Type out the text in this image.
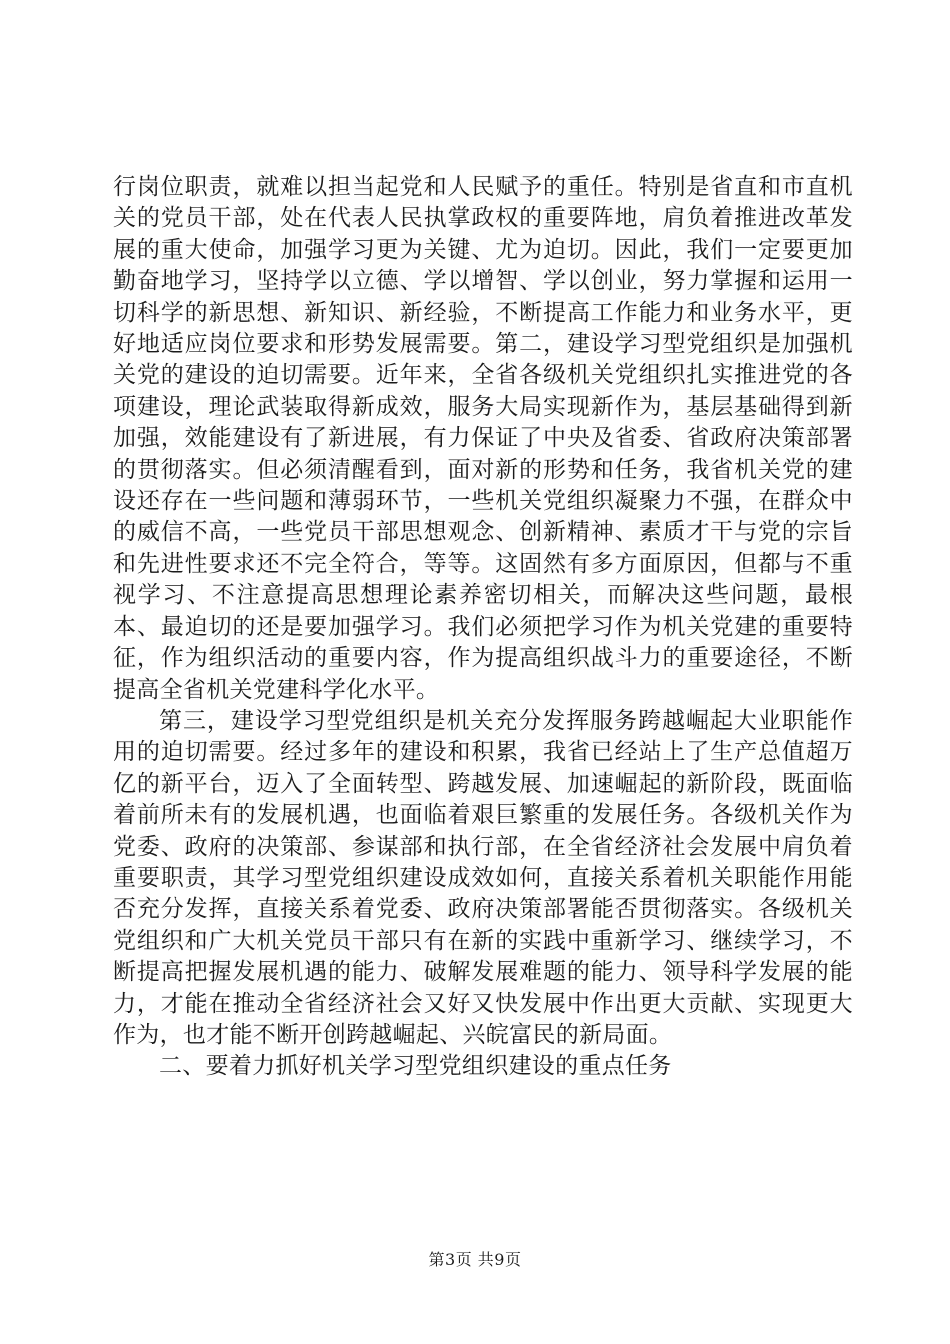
行岗位职责，就难以担当起党和人民赋予的重任。特别是省直和市直机关的党员干部，处在代表人民执掌政权的重要阵地，肩负着推进改革发展的重大使命，加强学习更为关键、尤为迫切。因此，我们一定要更加勤奋地学习，坚持学以立德、学以增智、学以创业，努力掌握和运用一切科学的新思想、新知识、新经验，不断提高工作能力和业务水平，更好地适应岗位要求和形势发展需要。第二，建设学习型党组织是加强机关党的建设的迫切需要。近年来，全省各级机关党组织扎实推进党的各项建设，理论武装取得新成效，服务大局实现新作为，基层基础得到新加强，效能建设有了新进展，有力保证了中央及省委、省政府决策部署的贯彻落实。但必须清醒看到，面对新的形势和任务，我省机关党的建设还存在一些问题和薄弱环节，一些机关党组织凝聚力不强，在群众中的威信不高，一些党员干部思想观念、创新精神、素质才干与党的宗旨和先进性要求还不完全符合，等等。这固然有多方面原因，但都与不重视学习、不注意提高思想理论素养密切相关，而解决这些问题，最根本、最迫切的还是要加强学习。我们必须把学习作为机关党建的重要特征，作为组织活动的重要内容，作为提高组织战斗力的重要途径，不断提高全省机关党建科学化水平。

第三，建设学习型党组织是机关充分发挥服务跨越崛起大业职能作用的迫切需要。经过多年的建设和积累，我省已经站上了生产总值超万亿的新平台，迈入了全面转型、跨越发展、加速崛起的新阶段，既面临着前所未有的发展机遇，也面临着艰巨繁重的发展任务。各级机关作为党委、政府的决策部、参谋部和执行部，在全省经济社会发展中肩负着重要职责，其学习型党组织建设成效如何，直接关系着机关职能作用能否充分发挥，直接关系着党委、政府决策部署能否贯彻落实。各级机关党组织和广大机关党员干部只有在新的实践中重新学习、继续学习，不断提高把握发展机遇的能力、破解发展难题的能力、领导科学发展的能力，才能在推动全省经济社会又好又快发展中作出更大贡献、实现更大作为，也才能不断开创跨越崛起、兴皖富民的新局面。

二、要着力抓好机关学习型党组织建设的重点任务

第3页 共9页
